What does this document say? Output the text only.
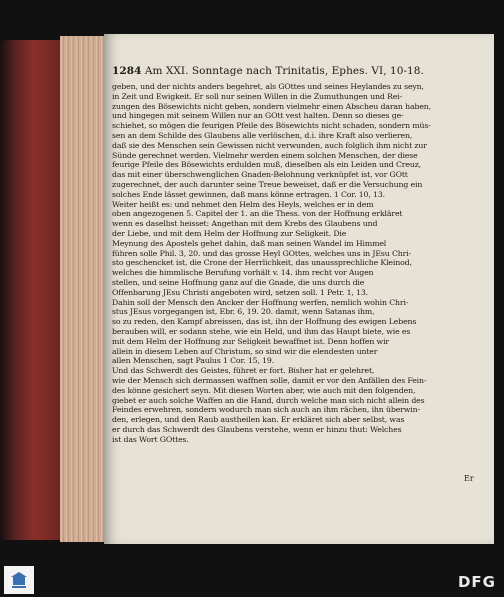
1284 Am XXI. Sonntage nach Trinitatis, Ephes. VI, 10-18.
geben, und der nichts anders begehret, als GOttes und seines Heylandes zu seyn,
in Zeit und Ewigkeit. Er soll nur seinen Willen in die Zumuthungen und Rei-
zungen des Bösewichts nicht geben, sondern vielmehr einen Abscheu daran haben,
und hingegen mit seinem Willen nur an GOtt vest halten. Denn so dieses ge-
schiehet, so mögen die feurigen Pfeile des Bösewichts nicht schaden, sondern müs-
sen an dem Schilde des Glaubens alle verlöschen, d.i. ihre Kraft also verlieren,
daß sie des Menschen sein Gewissen nicht verwunden, auch folglich ihm nicht zur
Sünde gerechnet werden. Vielmehr werden einem solchen Menschen, der diese
feurige Pfeile des Bösewichts erdulden muß, dieselben als ein Leiden und Creuz,
das mit einer überschwenglichen Gnaden-Belohnung verknüpfet ist, vor GOtt
zugerechnet, der auch darunter seine Treue beweiset, daß er die Versuchung ein
solches Ende lässet gewinnen, daß mans könne ertragen. 1 Cor. 10, 13.
Weiter heißt es: und nehmet den Helm des Heyls, welches er in dem
oben angezogenen 5. Capitel der 1. an die Thess. von der Hoffnung erkläret
wenn es daselbst heisset: Angethan mit dem Krebs des Glaubens und
der Liebe, und mit dem Helm der Hoffnung zur Seligkeit. Die
Meynung des Apostels gehet dahin, daß man seinen Wandel im Himmel
führen solle Phil. 3, 20. und das grosse Heyl GOttes, welches uns in JEsu Chri-
sto geschencket ist, die Crone der Herrlichkeit, das unaussprechliche Kleinod,
welches die himmlische Berufung vorhält v. 14. ihm recht vor Augen
stellen, und seine Hoffnung ganz auf die Gnade, die uns durch die
Offenbarung JEsu Christi angeboten wird, setzen soll. 1 Petr. 1, 13.
Dahin soll der Mensch den Ancker der Hoffnung werfen, nemlich wohin Chri-
stus JEsus vorgegangen ist, Ebr. 6, 19. 20. damit, wenn Satanas ihm,
so zu reden, den Kampf abreissen, das ist, ihn der Hoffnung des ewigen Lebens
berauben will, er sodann stehe, wie ein Held, und ihm das Haupt biete, wie es
mit dem Helm der Hoffnung zur Seligkeit bewaffnet ist. Denn hoffen wir
allein in diesem Leben auf Christum, so sind wir die elendesten unter
allen Menschen, sagt Paulus 1 Cor. 15, 19.
Und das Schwerdt des Geistes, führet er fort. Bisher hat er gelehret,
wie der Mensch sich dermassen waffnen solle, damit er vor den Anfällen des Fein-
des könne gesichert seyn. Mit diesen Worten aber, wie auch mit den folgenden,
giebet er auch solche Waffen an die Hand, durch welche man sich nicht allein des
Feindes erwehren, sondern wodurch man sich auch an ihm rächen, ihn überwin-
den, erlegen, und den Raub austheilen kan. Er erkläret sich aber selbst, was
er durch das Schwerdt des Glaubens verstehe, wenn er hinzu thut: Welches
ist das Wort GOttes.
Er
DFG
